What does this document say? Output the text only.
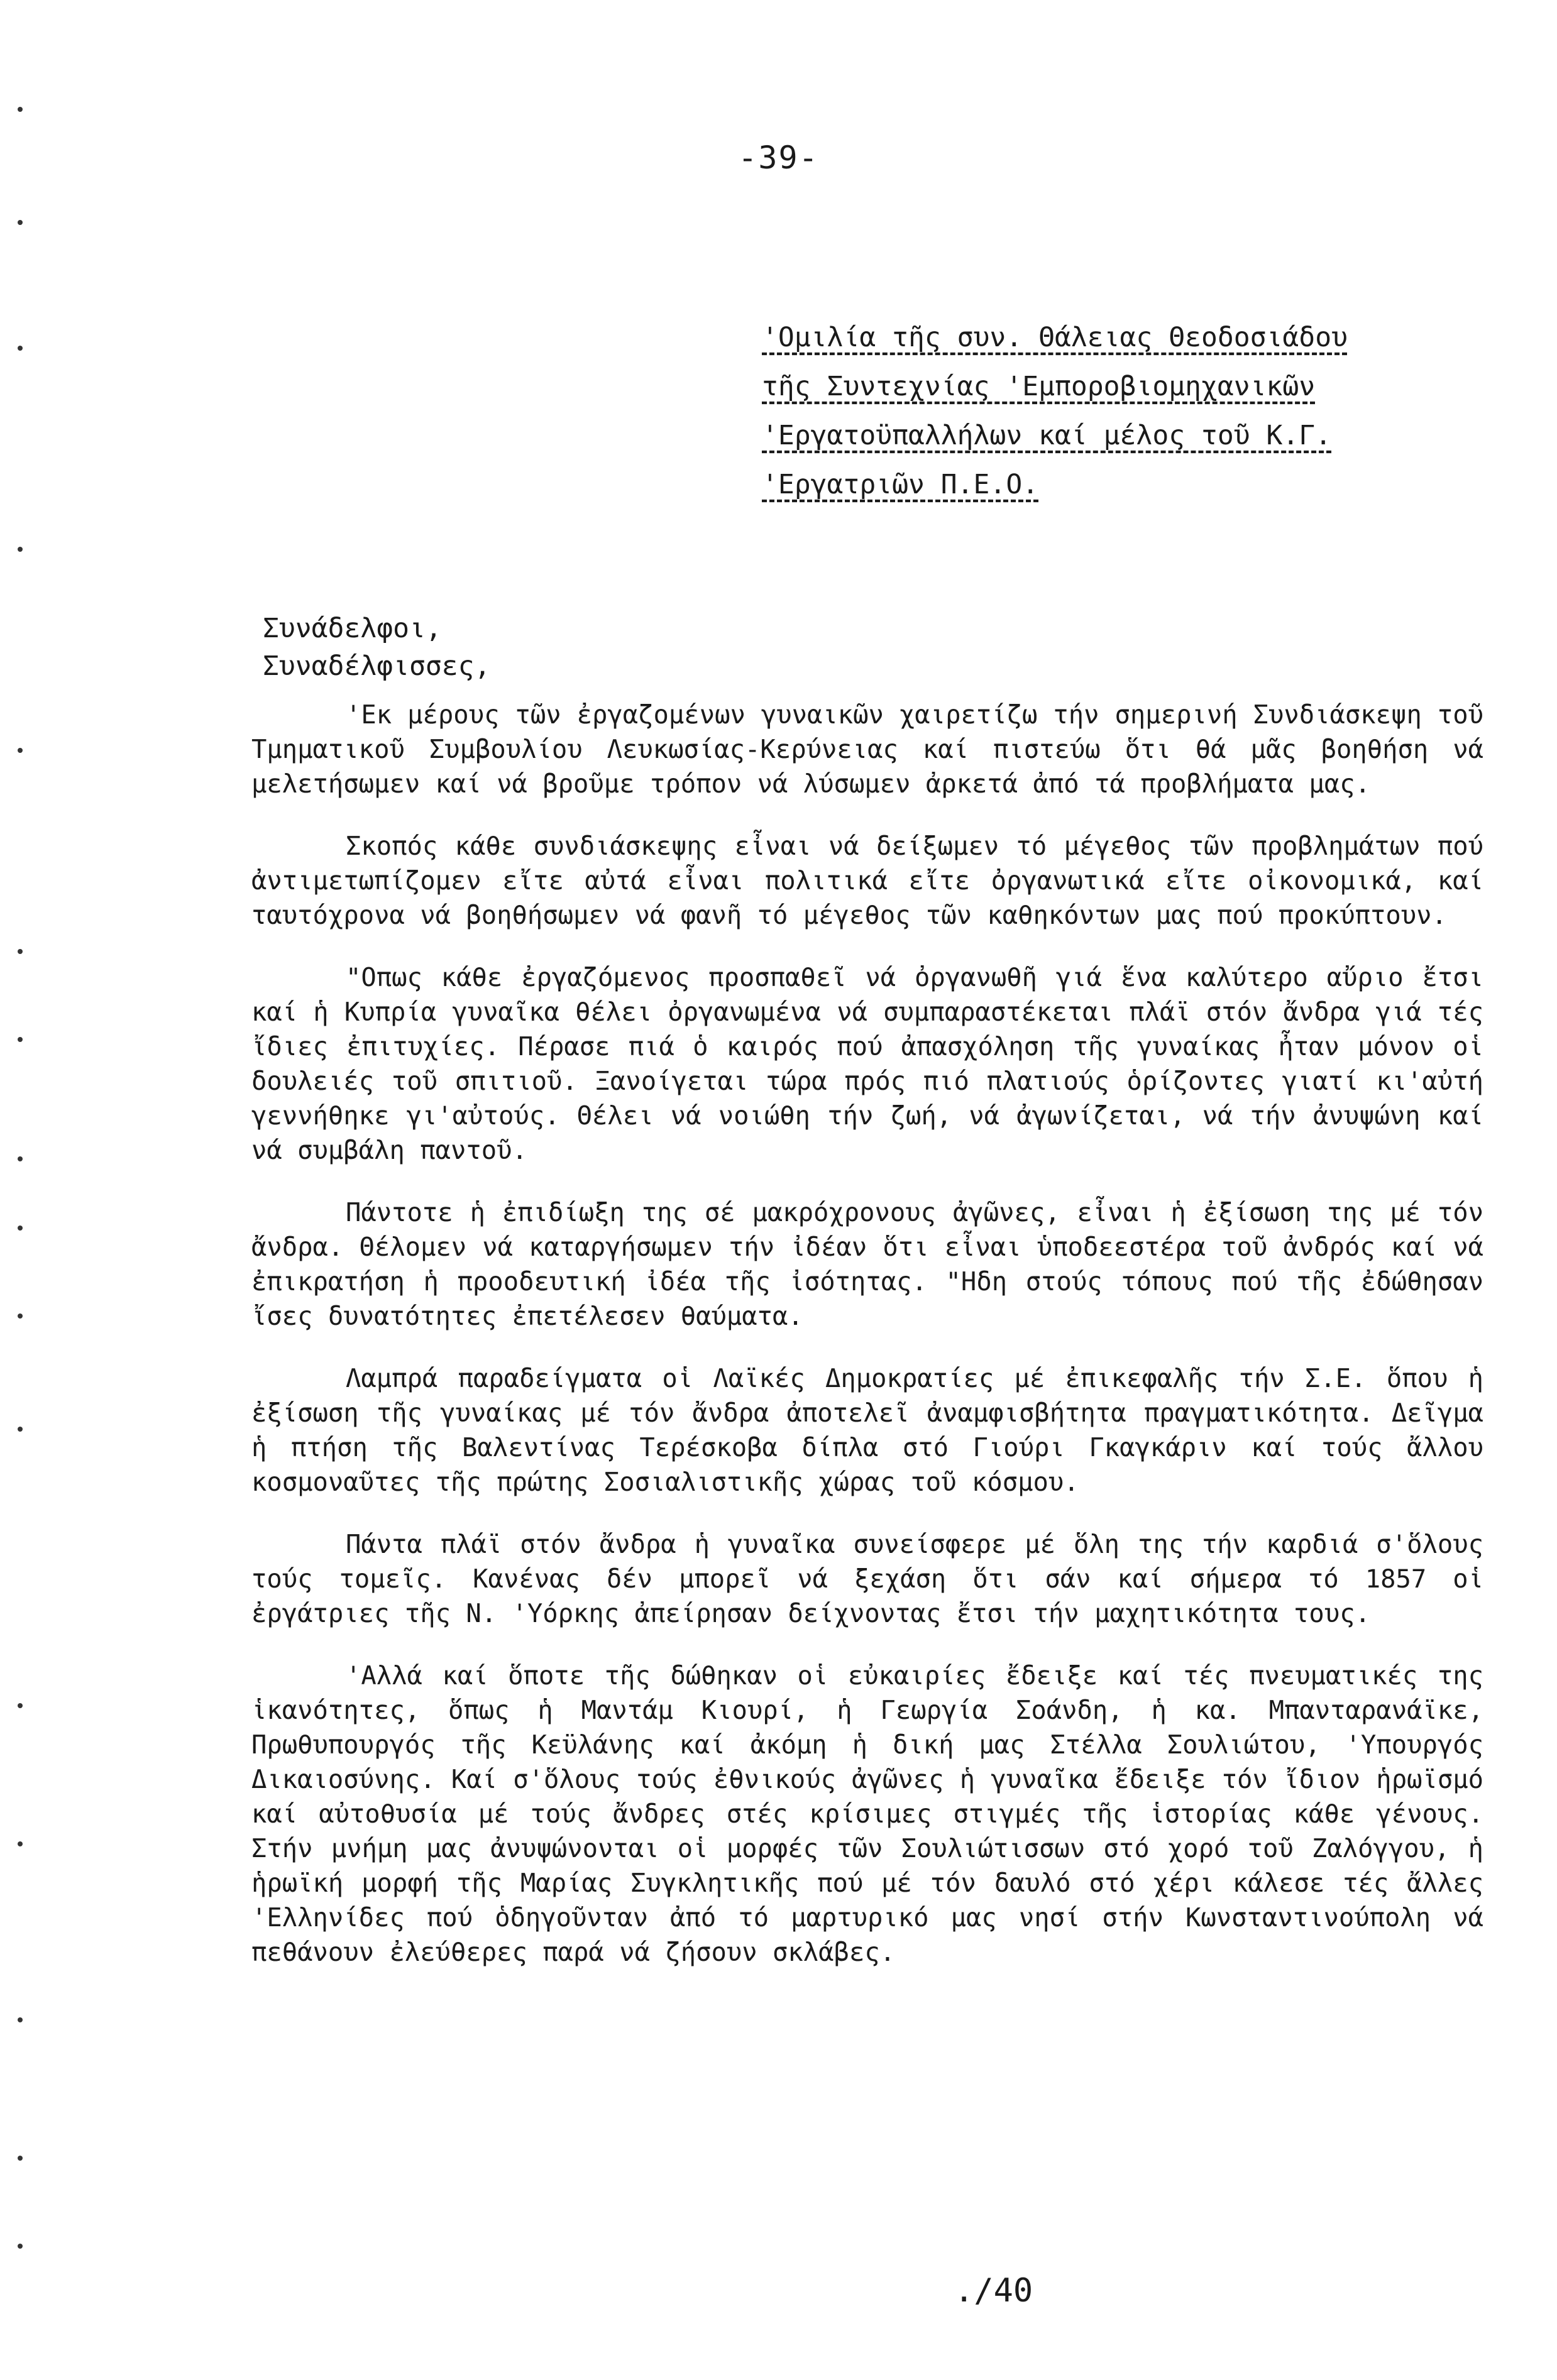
-39-
'Ομιλία τῆς συν. Θάλειας Θεοδοσιάδου
τῆς Συντεχνίας 'Εμποροβιομηχανικῶν
'Εργατοϋπαλλήλων καί μέλος τοῦ Κ.Γ.
'Εργατριῶν Π.Ε.Ο.
Συνάδελφοι,
Συναδέλφισσες,

'Εκ μέρους τῶν ἐργαζομένων γυναικῶν χαιρετίζω τήν σημερινή Συνδιάσκεψη τοῦ Τμηματικοῦ Συμβουλίου Λευκωσίας-Κερύνειας καί πιστεύω ὅτι θά μᾶς βοηθήση νά μελετήσωμεν καί νά βροῦμε τρόπον νά λύσωμεν ἀρκετά ἀπό τά προβλήματα μας.

Σκοπός κάθε συνδιάσκεψης εἶναι νά δείξωμεν τό μέγεθος τῶν προβλημάτων πού ἀντιμετωπίζομεν εἴτε αὐτά εἶναι πολιτικά εἴτε ὀργανωτικά εἴτε οἰκονομικά, καί ταυτόχρονα νά βοηθήσωμεν νά φανῆ τό μέγεθος τῶν καθηκόντων μας πού προκύπτουν.

"Οπως κάθε ἐργαζόμενος προσπαθεῖ νά ὀργανωθῆ γιά ἕνα καλύτερο αὔριο ἔτσι καί ἡ Κυπρία γυναῖκα θέλει ὀργανωμένα νά συμπαραστέκεται πλάϊ στόν ἄνδρα γιά τές ἴδιες ἐπιτυχίες. Πέρασε πιά ὁ καιρός πού ἀπασχόληση τῆς γυναίκας ἦταν μόνον οἱ δουλειές τοῦ σπιτιοῦ. Ξανοίγεται τώρα πρός πιό πλατιούς ὁρίζοντες γιατί κι'αὐτή γεννήθηκε γι'αὐτούς. Θέλει νά νοιώθη τήν ζωή, νά ἀγωνίζεται, νά τήν ἀνυψώνη καί νά συμβάλη παντοῦ.

Πάντοτε ἡ ἐπιδίωξη της σέ μακρόχρονους ἀγῶνες, εἶναι ἡ ἐξίσωση της μέ τόν ἄνδρα. Θέλομεν νά καταργήσωμεν τήν ἰδέαν ὅτι εἶναι ὑποδεεστέρα τοῦ ἀνδρός καί νά ἐπικρατήση ἡ προοδευτική ἰδέα τῆς ἰσότητας. "Ηδη στούς τόπους πού τῆς ἐδώθησαν ἴσες δυνατότητες ἐπετέλεσεν θαύματα.

Λαμπρά παραδείγματα οἱ Λαϊκές Δημοκρατίες μέ ἐπικεφαλῆς τήν Σ.Ε. ὅπου ἡ ἐξίσωση τῆς γυναίκας μέ τόν ἄνδρα ἀποτελεῖ ἀναμφισβήτητα πραγματικότητα. Δεῖγμα ἡ πτήση τῆς Βαλεντίνας Τερέσκοβα δίπλα στό Γιούρι Γκαγκάριν καί τούς ἄλλου κοσμοναῦτες τῆς πρώτης Σοσιαλιστικῆς χώρας τοῦ κόσμου.

Πάντα πλάϊ στόν ἄνδρα ἡ γυναῖκα συνείσφερε μέ ὅλη της τήν καρδιά σ'ὅλους τούς τομεῖς. Κανένας δέν μπορεῖ νά ξεχάση ὅτι σάν καί σήμερα τό 1857 οἱ ἐργάτριες τῆς Ν. 'Υόρκης ἀπείρησαν δείχνοντας ἔτσι τήν μαχητικότητα τους.

'Αλλά καί ὅποτε τῆς δώθηκαν οἱ εὐκαιρίες ἔδειξε καί τές πνευματικές της ἱκανότητες, ὅπως ἡ Μαντάμ Κιουρί, ἡ Γεωργία Σοάνδη, ἡ κα. Μπανταρανάϊκε, Πρωθυπουργός τῆς Κεϋλάνης καί ἀκόμη ἡ δική μας Στέλλα Σουλιώτου, 'Υπουργός Δικαιοσύνης. Καί σ'ὅλους τούς ἐθνικούς ἀγῶνες ἡ γυναῖκα ἔδειξε τόν ἴδιον ἡρωϊσμό καί αὐτοθυσία μέ τούς ἄνδρες στές κρίσιμες στιγμές τῆς ἱστορίας κάθε γένους. Στήν μνήμη μας ἀνυψώνονται οἱ μορφές τῶν Σουλιώτισσων στό χορό τοῦ Ζαλόγγου, ἡ ἡρωϊκή μορφή τῆς Μαρίας Συγκλητικῆς πού μέ τόν δαυλό στό χέρι κάλεσε τές ἄλλες 'Ελληνίδες πού ὁδηγοῦνταν ἀπό τό μαρτυρικό μας νησί στήν Κωνσταντινούπολη νά πεθάνουν ἐλεύθερες παρά νά ζήσουν σκλάβες.

./40
